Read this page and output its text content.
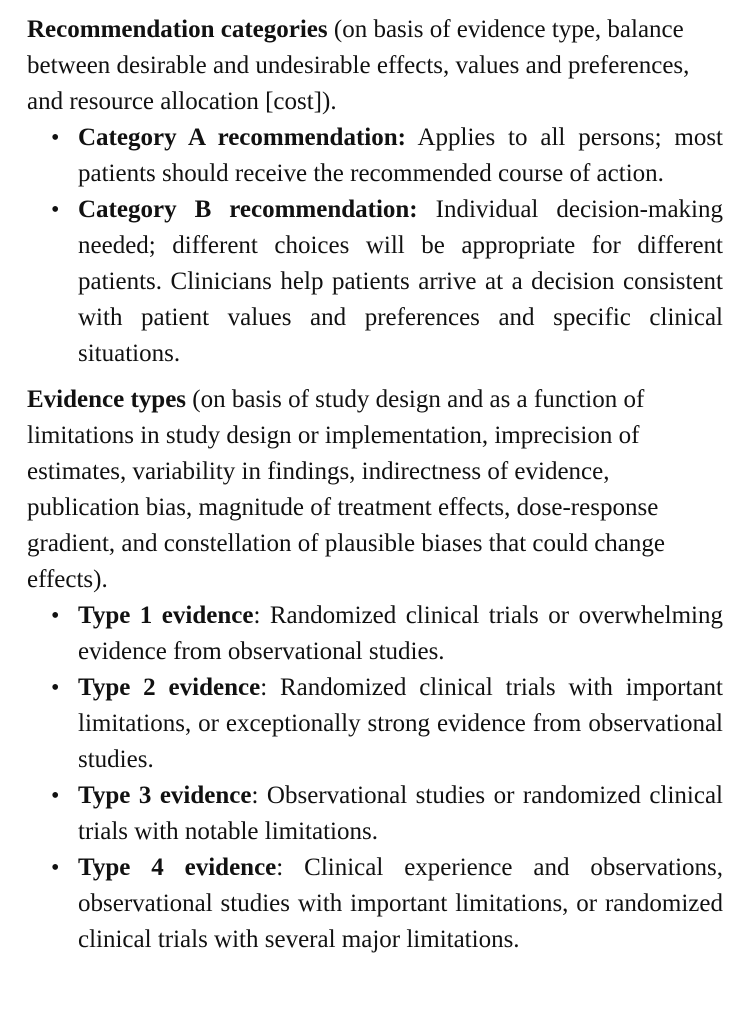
Recommendation categories (on basis of evidence type, balance between desirable and undesirable effects, values and preferences, and resource allocation [cost]).

• Category A recommendation: Applies to all persons; most patients should receive the recommended course of action.
• Category B recommendation: Individual decision-making needed; different choices will be appropriate for different patients. Clinicians help patients arrive at a decision consistent with patient values and preferences and specific clinical situations.

Evidence types (on basis of study design and as a function of limitations in study design or implementation, imprecision of estimates, variability in findings, indirectness of evidence, publication bias, magnitude of treatment effects, dose-response gradient, and constellation of plausible biases that could change effects).

• Type 1 evidence: Randomized clinical trials or overwhelming evidence from observational studies.
• Type 2 evidence: Randomized clinical trials with important limitations, or exceptionally strong evidence from observational studies.
• Type 3 evidence: Observational studies or randomized clinical trials with notable limitations.
• Type 4 evidence: Clinical experience and observations, observational studies with important limitations, or randomized clinical trials with several major limitations.
